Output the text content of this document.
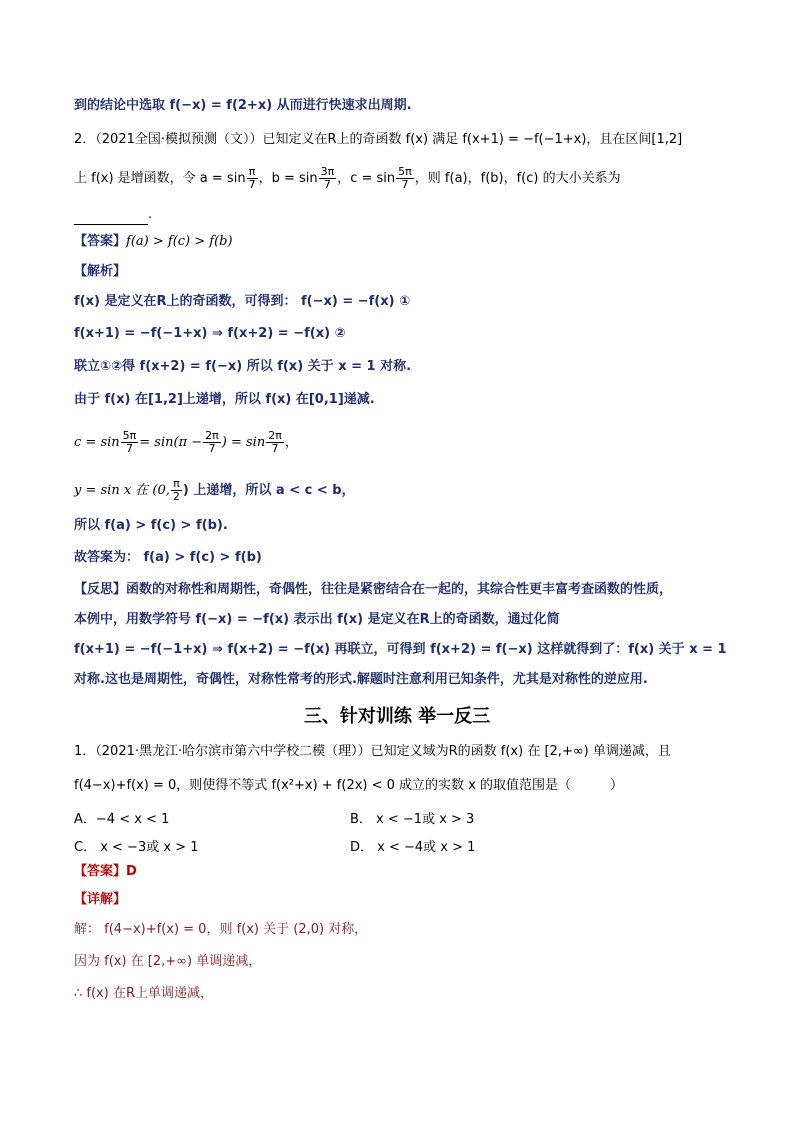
到的结论中选取 f(−x) = f(2+x) 从而进行快速求出周期.
2．（2021全国·模拟预测（文））已知定义在R上的奇函数 f(x) 满足 f(x+1) = −f(−1+x)，且在区间[1,2]
上 f(x) 是增函数，令 $a = \sin \frac{\pi}{7}$ ，$b = \sin \frac{3\pi}{7}$ ，$c = \sin \frac{5\pi}{7}$ ，则 f(a)，f(b)，f(c) 的大小关系为
.
【答案】f(a) > f(c) > f(b)
【解析】
f(x) 是定义在R上的奇函数，可得到： f(−x) = −f(x) ①
f(x+1) = −f(−1+x) ⇒ f(x+2) = −f(x) ②
联立①②得 f(x+2) = f(−x) 所以 f(x) 关于 x = 1 对称.
由于 f(x) 在[1,2]上递增，所以 f(x) 在[0,1]递减.
$c = \sin \frac{5\pi}{7} = \sin(\pi - \frac{2\pi}{7}$ ) = $\sin \frac{2\pi}{7}$ ，
y = sin x 在 (0, $\frac{\pi}{2}$ ) 上递增，所以 a < c < b，
所以 f(a) > f(c) > f(b).
故答案为： f(a) > f(c) > f(b)
【反思】函数的对称性和周期性，奇偶性，往往是紧密结合在一起的，其综合性更丰富考查函数的性质，
本例中，用数学符号 f(−x) = −f(x) 表示出 f(x) 是定义在R上的奇函数，通过化简
f(x+1) = −f(−1+x) ⇒ f(x+2) = −f(x) 再联立，可得到 f(x+2) = f(−x) 这样就得到了：f(x) 关于 x = 1
对称.这也是周期性，奇偶性，对称性常考的形式.解题时注意利用已知条件，尤其是对称性的逆应用.
三、针对训练 举一反三
1．（2021·黑龙江·哈尔滨市第六中学校二模（理））已知定义域为R的函数 f(x) 在 [2,+∞) 单调递减，且
f(4−x)+f(x) = 0，则使得不等式 f(x²+x) + f(2x) < 0 成立的实数 x 的取值范围是（　　　）
A．−4 < x < 1	B． x < −1或 x > 3
C． x < −3或 x > 1	D． x < −4或 x > 1
【答案】D
【详解】
解： f(4−x)+f(x) = 0，则 f(x) 关于 (2,0) 对称，
因为 f(x) 在 [2,+∞) 单调递减，
∴ f(x) 在R上单调递减，
